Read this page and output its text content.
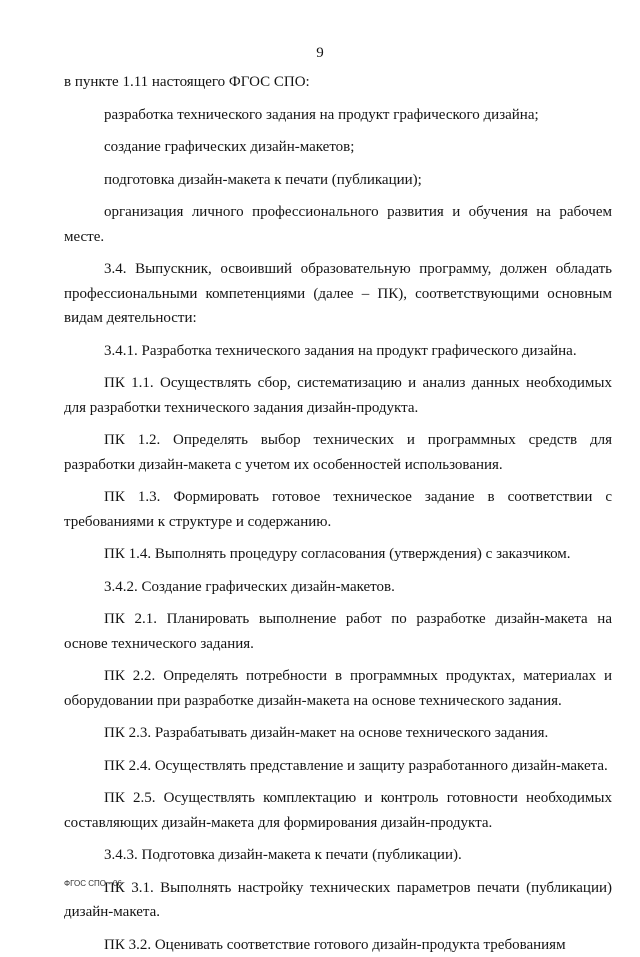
9

в пункте 1.11 настоящего ФГОС СПО:

разработка технического задания на продукт графического дизайна;

создание графических дизайн-макетов;

подготовка дизайн-макета к печати (публикации);

организация личного профессионального развития и обучения на рабочем месте.

3.4. Выпускник, освоивший образовательную программу, должен обладать профессиональными компетенциями (далее – ПК), соответствующими основным видам деятельности:

3.4.1. Разработка технического задания на продукт графического дизайна.

ПК 1.1. Осуществлять сбор, систематизацию и анализ данных необходимых для разработки технического задания дизайн-продукта.

ПК 1.2. Определять выбор технических и программных средств для разработки дизайн-макета с учетом их особенностей использования.

ПК 1.3. Формировать готовое техническое задание в соответствии с требованиями к структуре и содержанию.

ПК 1.4. Выполнять процедуру согласования (утверждения) с заказчиком.

3.4.2. Создание графических дизайн-макетов.

ПК 2.1. Планировать выполнение работ по разработке дизайн-макета на основе технического задания.

ПК 2.2. Определять потребности в программных продуктах, материалах и оборудовании при разработке дизайн-макета на основе технического задания.

ПК 2.3. Разрабатывать дизайн-макет на основе технического задания.

ПК 2.4. Осуществлять представление и защиту разработанного дизайн-макета.

ПК 2.5. Осуществлять комплектацию и контроль готовности необходимых составляющих дизайн-макета для формирования дизайн-продукта.

3.4.3. Подготовка дизайн-макета к печати (публикации).

ПК 3.1. Выполнять настройку технических параметров печати (публикации) дизайн-макета.

ПК 3.2. Оценивать соответствие готового дизайн-продукта требованиям

ФГОС СПО - 06
